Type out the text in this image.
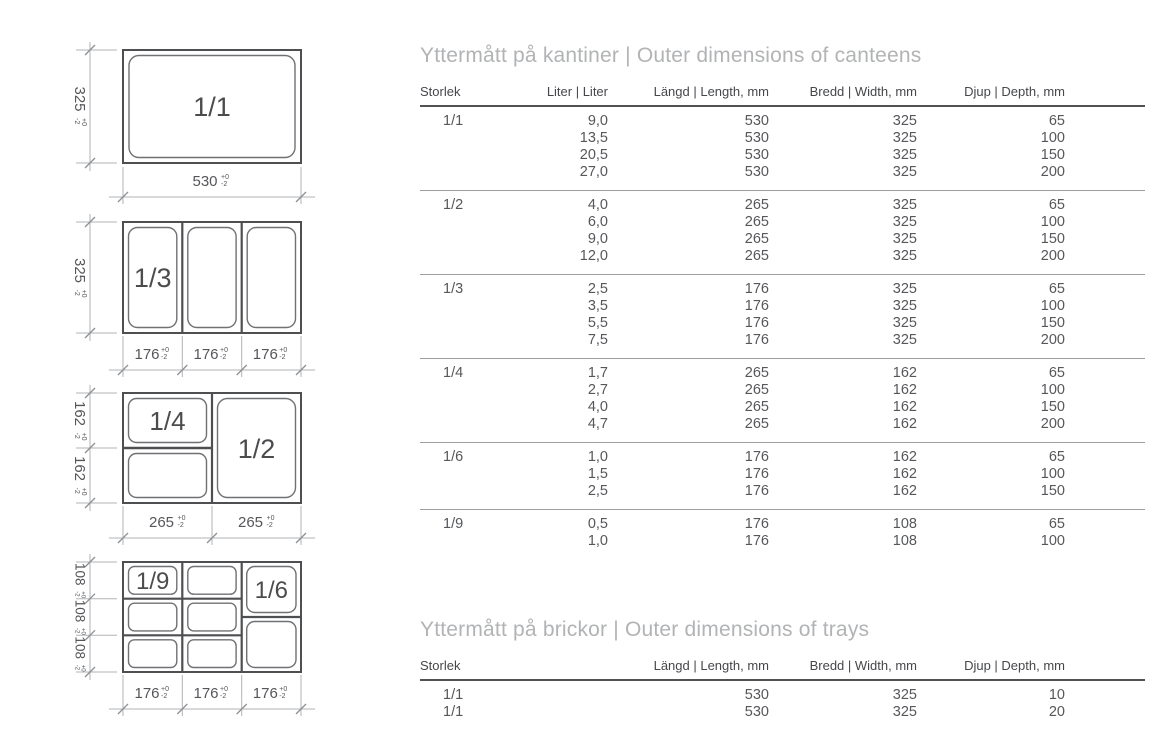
1/1
325
+0
-2
530 +0
-2
1/3
325
+0
-2
176 +0
-2 176 +0
-2 176 +0
-2
1/4
1/2
162
+0
-2
162
+0
-2
265 +0
-2	265 +0
-2
1/9	1/6
108
+0
-2
108
+0
-2
108
+0
-2
176 +0
-2 176 +0
-2 176 +0
-2
Yttermått på kantiner | Outer dimensions of canteens
Storlek	Liter | Liter	Längd | Length, mm	Bredd | Width, mm	Djup | Depth, mm	
1/1	9,0	530	325	65	
	13,5	530	325	100	
	20,5	530	325	150	
	27,0	530	325	200	
1/2	4,0	265	325	65	
	6,0	265	325	100	
	9,0	265	325	150	
	12,0	265	325	200	
1/3	2,5	176	325	65	
	3,5	176	325	100	
	5,5	176	325	150	
	7,5	176	325	200	
1/4	1,7	265	162	65	
	2,7	265	162	100	
	4,0	265	162	150	
	4,7	265	162	200	
1/6	1,0	176	162	65	
	1,5	176	162	100	
	2,5	176	162	150	
1/9	0,5	176	108	65	
	1,0	176	108	100	
Yttermått på brickor | Outer dimensions of trays
Storlek	Längd | Length, mm	Bredd | Width, mm	Djup | Depth, mm	
1/1	530	325	10	
1/1	530	325	20	
